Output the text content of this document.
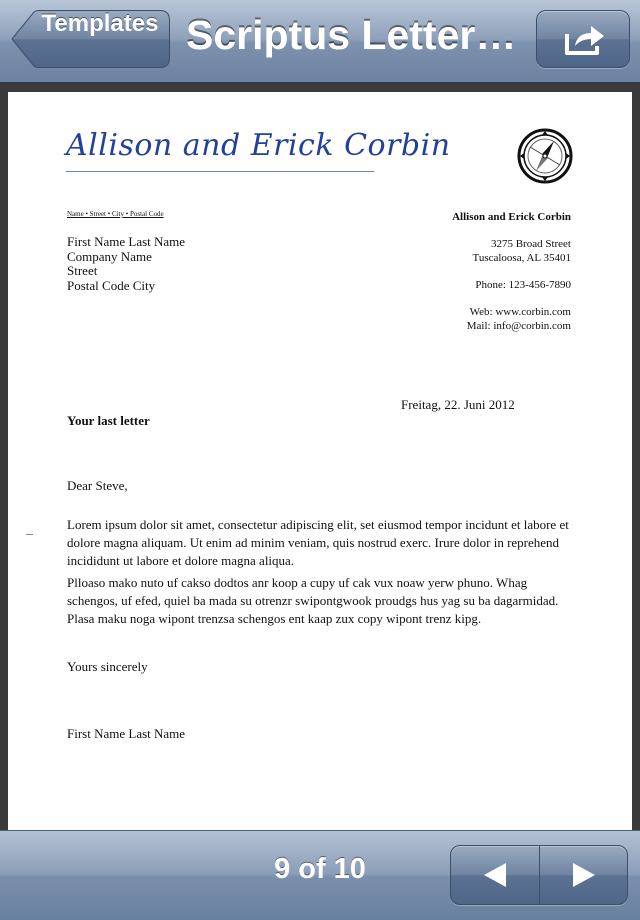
Templates Scriptus Letter…
Allison and Erick Corbin
Name • Street • City • Postal Code
First Name Last Name
Company Name
Street
Postal Code City
Allison and Erick Corbin
3275 Broad Street
Tuscaloosa, AL 35401
Phone: 123-456-7890
Web: www.corbin.com
Mail: info@corbin.com
Freitag, 22. Juni 2012
Your last letter
Dear Steve,

Lorem ipsum dolor sit amet, consectetur adipiscing elit, set eiusmod tempor incidunt et labore et dolore magna aliquam. Ut enim ad minim veniam, quis nostrud exerc. Irure dolor in reprehend incididunt ut labore et dolore magna aliqua.

Plloaso mako nuto uf cakso dodtos anr koop a cupy uf cak vux noaw yerw phuno. Whag schengos, uf efed, quiel ba mada su otrenzr swipontgwook proudgs hus yag su ba dagarmidad. Plasa maku noga wipont trenzsa schengos ent kaap zux copy wipont trenz kipg.

Yours sincerely
First Name Last Name
9 of 10
